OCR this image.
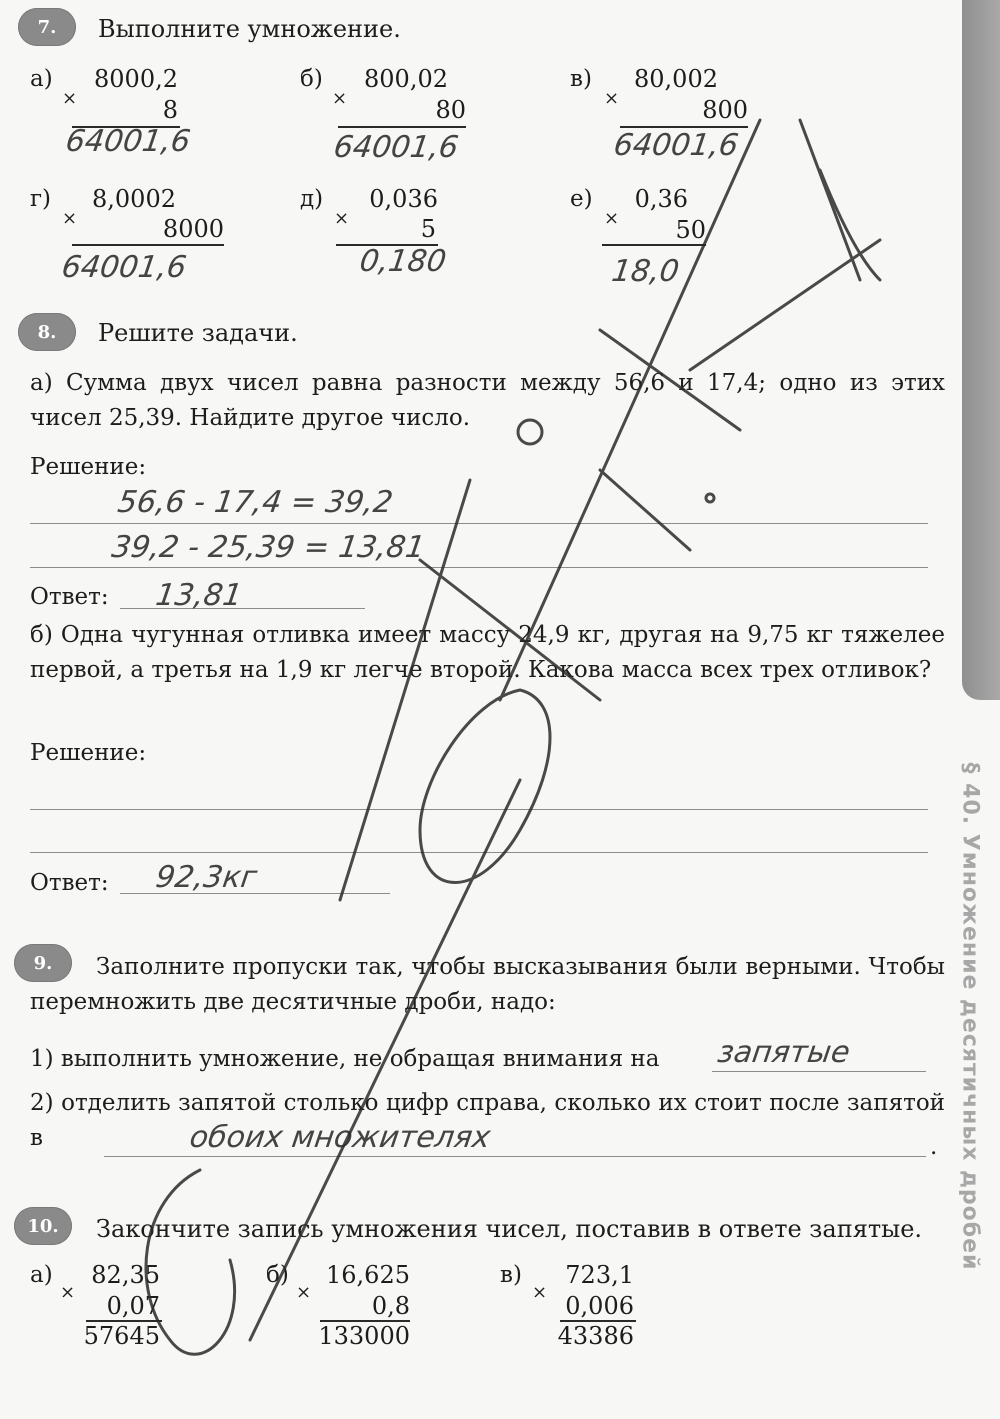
§ 40. Умножение десятичных дробей
7.	Выполните умножение.
а)
×
8000,2
8
64001,6
б)
×
800,02
80
64001,6
в)
×
80,002
800
64001,6
г)
×
8,0002
8000
64001,6
д)
×
0,036
5
0,180
е)
×
0,36
50
18,0
8.	Решите задачи.
а) Сумма двух чисел равна разности между 56,6 и 17,4; одно из этих чисел 25,39. Найдите другое число.
Решение:
56,6 - 17,4 = 39,2
39,2 - 25,39 = 13,81
Ответ: 13,81
б) Одна чугунная отливка имеет массу 24,9 кг, другая на 9,75 кг тяжелее первой, а третья на 1,9 кг легче второй. Какова масса всех трех отливок?
Решение:
Ответ: 92,3кг
9.	Заполните пропуски так, чтобы высказывания были верными. Чтобы перемножить две десятичные дроби, надо:
1) выполнить умножение, не обращая внимания на запятые
2) отделить запятой столько цифр справа, сколько их стоит после запятой в	обоих множителях	.
10.	Закончите запись умножения чисел, поставив в ответе запятые.
а)
×
82,35
0,07
57645
б)
×
16,625
0,8
133000
в)
×
723,1
0,006
43386
